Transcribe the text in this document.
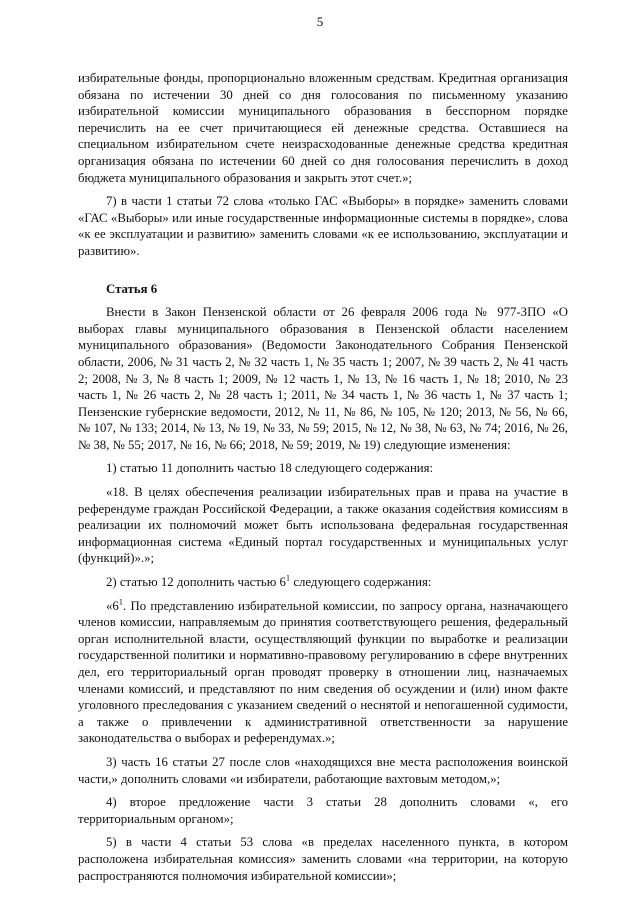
5

избирательные фонды, пропорционально вложенным средствам. Кредитная организация обязана по истечении 30 дней со дня голосования по письменному указанию избирательной комиссии муниципального образования в бесспорном порядке перечислить на ее счет причитающиеся ей денежные средства. Оставшиеся на специальном избирательном счете неизрасходованные денежные средства кредитная организация обязана по истечении 60 дней со дня голосования перечислить в доход бюджета муниципального образования и закрыть этот счет.»;

7) в части 1 статьи 72 слова «только ГАС «Выборы» в порядке» заменить словами «ГАС «Выборы» или иные государственные информационные системы в порядке», слова «к ее эксплуатации и развитию» заменить словами «к ее использованию, эксплуатации и развитию».

Статья 6

Внести в Закон Пензенской области от 26 февраля 2006 года № 977-ЗПО «О выборах главы муниципального образования в Пензенской области населением муниципального образования» (Ведомости Законодательного Собрания Пензенской области, 2006, № 31 часть 2, № 32 часть 1, № 35 часть 1; 2007, № 39 часть 2, № 41 часть 2; 2008, № 3, № 8 часть 1; 2009, № 12 часть 1, № 13, № 16 часть 1, № 18; 2010, № 23 часть 1, № 26 часть 2, № 28 часть 1; 2011, № 34 часть 1, № 36 часть 1, № 37 часть 1; Пензенские губернские ведомости, 2012, № 11, № 86, № 105, № 120; 2013, № 56, № 66, № 107, № 133; 2014, № 13, № 19, № 33, № 59; 2015, № 12, № 38, № 63, № 74; 2016, № 26, № 38, № 55; 2017, № 16, № 66; 2018, № 59; 2019, № 19) следующие изменения:

1) статью 11 дополнить частью 18 следующего содержания:

«18. В целях обеспечения реализации избирательных прав и права на участие в референдуме граждан Российской Федерации, а также оказания содействия комиссиям в реализации их полномочий может быть использована федеральная государственная информационная система «Единый портал государственных и муниципальных услуг (функций)».»;

2) статью 12 дополнить частью $6^1$ следующего содержания:

«$6^1$. По представлению избирательной комиссии, по запросу органа, назначающего членов комиссии, направляемым до принятия соответствующего решения, федеральный орган исполнительной власти, осуществляющий функции по выработке и реализации государственной политики и нормативно-правовому регулированию в сфере внутренних дел, его территориальный орган проводят проверку в отношении лиц, назначаемых членами комиссий, и представляют по ним сведения об осуждении и (или) ином факте уголовного преследования с указанием сведений о неснятой и непогашенной судимости, а также о привлечении к административной ответственности за нарушение законодательства о выборах и референдумах.»;

3) часть 16 статьи 27 после слов «находящихся вне места расположения воинской части,» дополнить словами «и избиратели, работающие вахтовым методом,»;

4) второе предложение части 3 статьи 28 дополнить словами «, его территориальным органом»;

5) в части 4 статьи 53 слова «в пределах населенного пункта, в котором расположена избирательная комиссия» заменить словами «на территории, на которую распространяются полномочия избирательной комиссии»;
